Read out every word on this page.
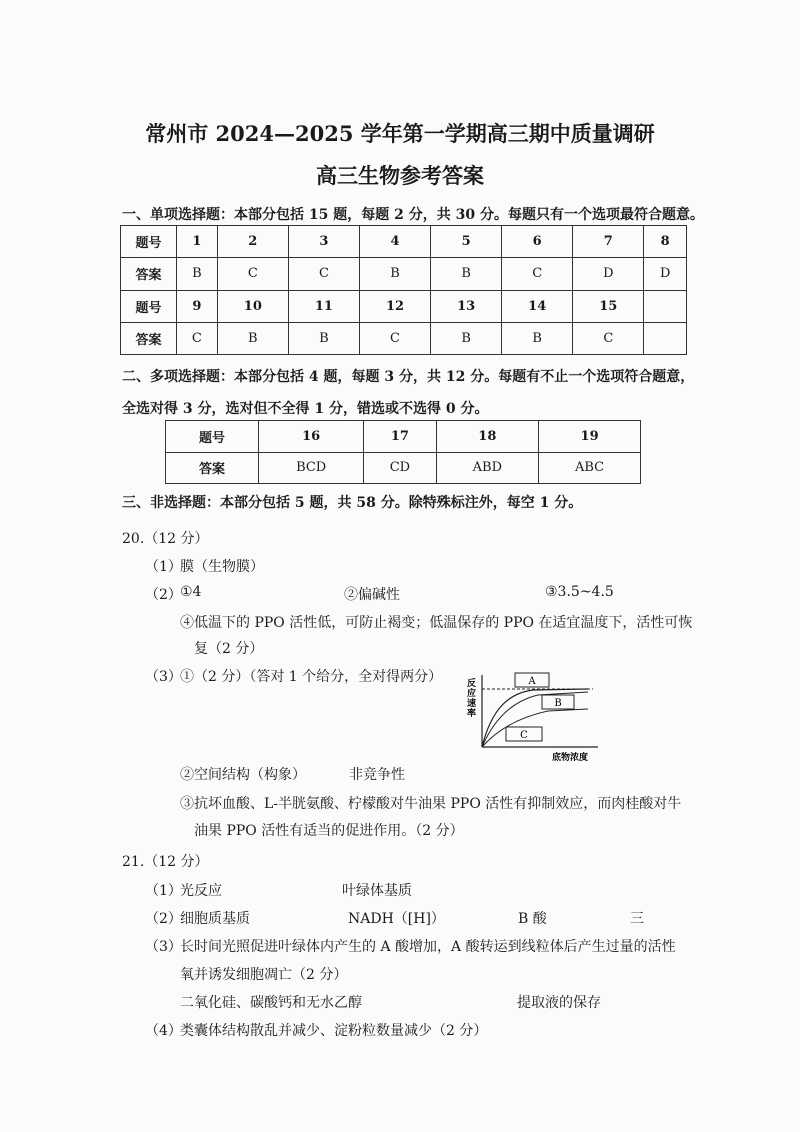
常州市 2024—2025 学年第一学期高三期中质量调研
高三生物参考答案
一、单项选择题：本部分包括 15 题，每题 2 分，共 30 分。每题只有一个选项最符合题意。
题号	1	2	3	4	5	6	7	8
答案	B	C	C	B	B	C	D	D
题号	9	10	11	12	13	14	15	
答案	C	B	B	C	B	B	C	
二、多项选择题：本部分包括 4 题，每题 3 分，共 12 分。每题有不止一个选项符合题意，
全选对得 3 分，选对但不全得 1 分，错选或不选得 0 分。
题号	16	17	18	19
答案	BCD	CD	ABD	ABC
三、非选择题：本部分包括 5 题，共 58 分。除特殊标注外，每空 1 分。
20.（12 分）
（1）
膜（生物膜）
（2）
①4	②偏碱性	③3.5~4.5
④低温下的 PPO 活性低，可防止褐变；低温保存的 PPO 在适宜温度下，活性可恢
复（2 分）
（3）
①（2 分）（答对 1 个给分，全对得两分）	反
应
速
率
A
B
C
底物浓度
②空间结构（构象）	非竞争性
③抗坏血酸、L-半胱氨酸、柠檬酸对牛油果 PPO 活性有抑制效应，而肉桂酸对牛
油果 PPO 活性有适当的促进作用。（2 分）
21.（12 分）
（1）
光反应	叶绿体基质
（2）
细胞质基质	NADH（[H]）	B 酸	三
（3）
长时间光照促进叶绿体内产生的 A 酸增加，A 酸转运到线粒体后产生过量的活性
氧并诱发细胞凋亡（2 分）
二氧化硅、碳酸钙和无水乙醇	提取液的保存
（4）
类囊体结构散乱并减少、淀粉粒数量减少（2 分）
